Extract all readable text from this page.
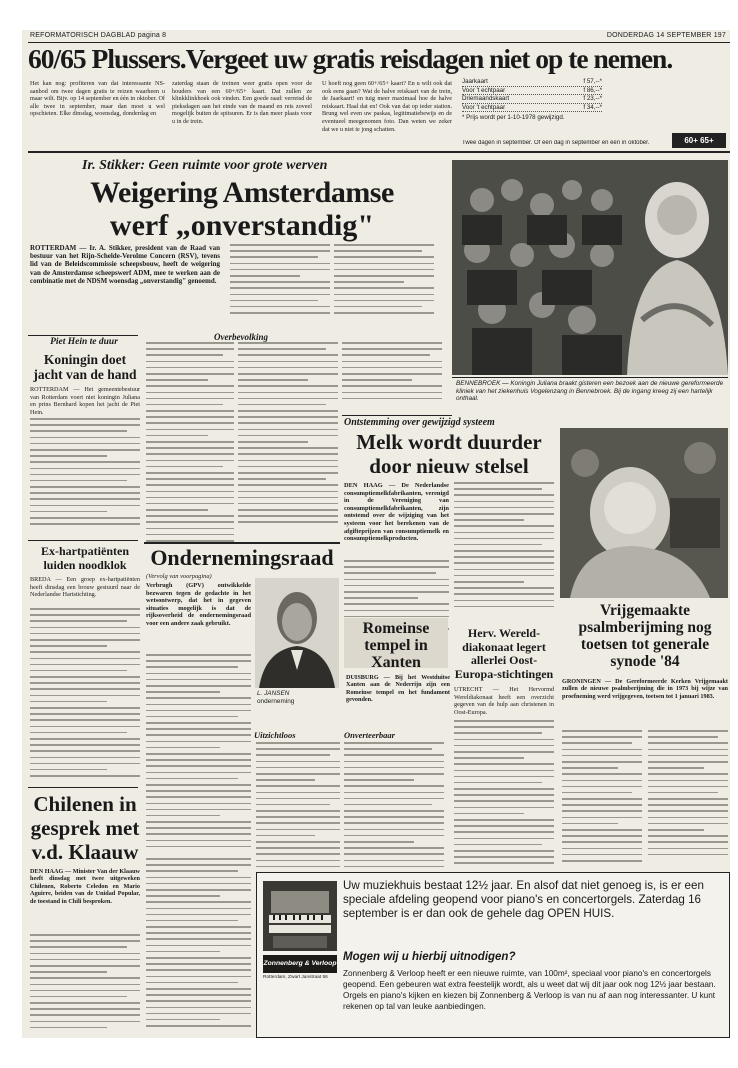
REFORMATORISCH DAGBLAD pagina 8	DONDERDAG 14 SEPTEMBER 197
60/65 Plussers.Vergeet uw gratis reisdagen niet op te nemen.
Het kan nog: profiteren van dat interessante NS-aanbod om twee dagen gratis te reizen waarheen u maar wilt. Bijv. op 14 september en één in oktober. Of alle twee in september, maar dan moet u wel opschieten. Elke dinsdag, woensdag, donderdag en
zaterdag staan de treinen weer gratis open voor de houders van een 60+/65+ kaart. Dat zullen ze klinkklinkhoek ook vinden. Een goede raad: verreisd de pieksdagen aan het einde van de maand en reis zoveel mogelijk buiten de spitsuren. Er is dan meer plaats voor u in de trein.
U hoeft nog geen 60+/65+ kaart? En u wilt ook dat ook eens gaan? Wat de halve reiskaart van de trein, de Jaarkaart! en tuig meer maximaal hoe de halve reiskaart. Haal dat en! Ook van dat op ieder station. Brung wel even uw paskas, legitimatiebewijs en de eventueel meegenomen foto. Dan weten we zeker dat we u niet te jong schatten.
Jaarkaart	f 57,--*
Voor 't echtpaar	f 86,--*
Driemaandskaart	f 23,--*
Voor 't echtpaar	f 34,--*
* Prijs wordt per 1-10-1978 gewijzigd.
Twee dagen in september. Of één dag in september en één in oktober.	60+ 65+
Ir. Stikker: Geen ruimte voor grote werven
Weigering Amsterdamse
werf „onverstandig"
ROTTERDAM — Ir. A. Stikker, president van de Raad van bestuur van het Rijn-Schelde-Verolme Concern (RSV), tevens lid van de Beleidscommissie scheepsbouw, heeft de weigering van de Amsterdamse scheepswerf ADM, mee te werken aan de combinatie met de NDSM woensdag „onverstandig" genoemd.
Overbevolking
BENNEBROEK — Koningin Juliana braakt gisteren een bezoek aan de nieuwe gereformeerde kliniek van het ziekenhuis Vogelenzang in Bennebroek. Bij de ingang kreeg zij een hartelijk onthaal.
Piet Hein te duur
Koningin doet jacht van de hand
ROTTERDAM — Het gemeentebestuur van Rotterdam voert niet koningin Juliana en prins Bernhard kopen het jacht de Piet Hein.
Ex-hartpatiënten luiden noodklok
BREDA — Een groep ex-hartpatiënten heeft dinsdag een brouw gestuurd naar de Nederlandse Hartstichting.
Ontstemming over gewijzigd systeem
Melk wordt duurder door nieuw stelsel
DEN HAAG — De Nederlandse consumptiemelkfabrikanten, verenigd in de Vereniging van consumptiemelkfabrikanten, zijn ontstemd over de wijziging van het systeem voor het berekenen van de afgifteprijzen van consumptiemelk en consumptiemelkproducten.
Herv. Wereld-diakonaat legert allerlei Oost-Europa-stichtingen
UTRECHT — Het Hervormd Wereldiakonaat heeft een overzicht gegeven van de hulp aan christenen in Oost-Europa.
Vrijgemaakte psalmberijming nog toetsen tot generale synode '84
GRONINGEN — De Gereformeerde Kerken Vrijgemaakt zullen de nieuwe psalmberijming die in 1973 bij wijze van proefneming werd vrijgegeven, toetsen tot 1 januari 1983.
Ondernemingsraad
(Vervolg van voorpagina)
Verbrugh (GPV) ontwikkelde bezwaren tegen de gedachte in het wetsontwerp, dat het in gegeven situaties mogelijk is dat de rijksoverheid de ondernemingsraad voor een andere zaak gebruikt.
L. JANSEN
onderneming
Uitzichtloos	Onverteerbaar
Romeinse tempel in Xanten
DUISBURG — Bij het Westduitse Xanten aan de Nederrijn zijn een Romeinse tempel en het fundament gevonden.
Chilenen in gesprek met v.d. Klaauw
DEN HAAG — Minister Van der Klaauw heeft dinsdag met twee uitgeweken Chilenen, Roberto Celedon en Mario Aguirre, beiden van de Unidad Popular, de toestand in Chili besproken.
Zonnenberg & Verloop
Rotterdam, Zwart Janstraat 56
Uw muziekhuis bestaat 12½ jaar. En alsof dat niet genoeg is, is er een speciale afdeling geopend voor piano's en concertorgels. Zaterdag 16 september is er dan ook de gehele dag OPEN HUIS.
Mogen wij u hierbij uitnodigen?
Zonnenberg & Verloop heeft er een nieuwe ruimte, van 100m², speciaal voor piano's en concertorgels geopend. Een gebeuren wat extra feestelijk wordt, als u weet dat wij dit jaar ook nog 12½ jaar bestaan. Orgels en piano's kijken en kiezen bij Zonnenberg & Verloop is van nu af aan nog interessanter. U kunt rekenen op tal van leuke aanbiedingen.
